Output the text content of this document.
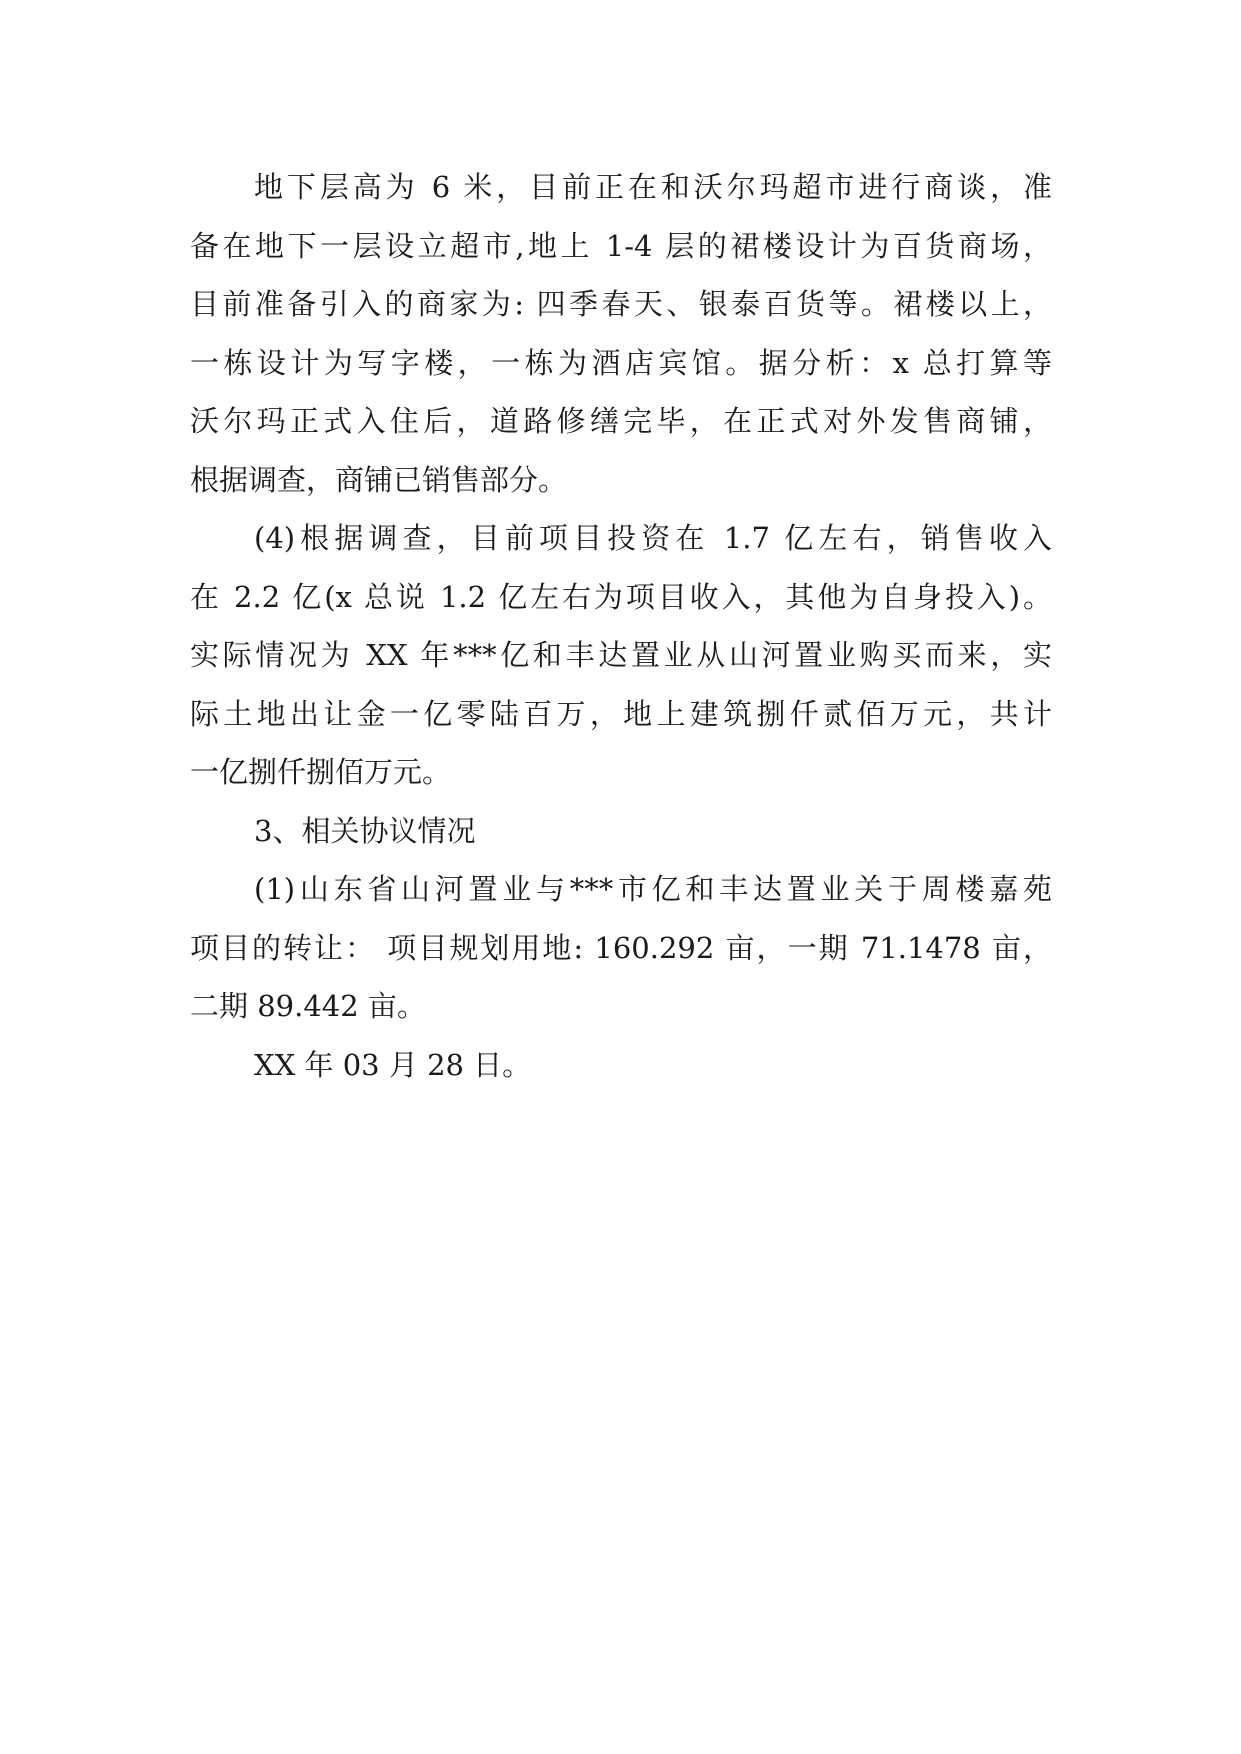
地下层高为 6 米，目前正在和沃尔玛超市进行商谈，准
备在地下一层设立超市,地上 1-4 层的裙楼设计为百货商场，
目前准备引入的商家为: 四季春天、银泰百货等。裙楼以上，
一栋设计为写字楼，一栋为酒店宾馆。据分析：x 总打算等
沃尔玛正式入住后，道路修缮完毕，在正式对外发售商铺，
根据调查，商铺已销售部分。
(4)根据调查，目前项目投资在 1.7 亿左右，销售收入
在 2.2 亿(x 总说 1.2 亿左右为项目收入，其他为自身投入)。
实际情况为 XX 年***亿和丰达置业从山河置业购买而来，实
际土地出让金一亿零陆百万，地上建筑捌仟贰佰万元，共计
一亿捌仟捌佰万元。
3、相关协议情况
(1)山东省山河置业与***市亿和丰达置业关于周楼嘉苑
项目的转让： 项目规划用地: 160.292 亩，一期 71.1478 亩，
二期 89.442 亩。
XX 年 03 月 28 日。
